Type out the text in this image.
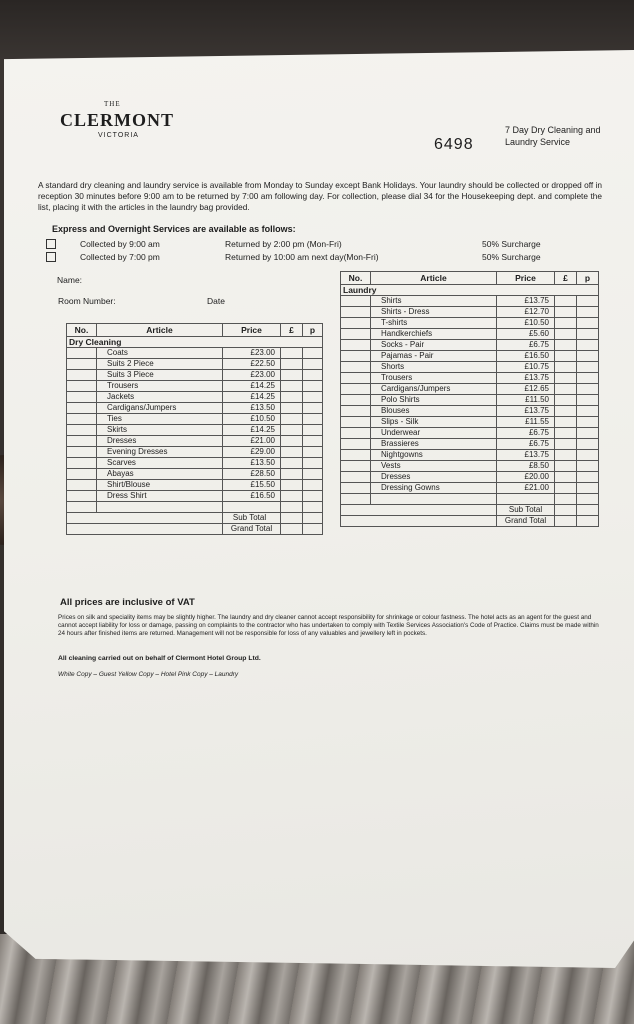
THE
CLERMONT
VICTORIA
6498
7 Day Dry Cleaning and Laundry Service
A standard dry cleaning and laundry service is available from Monday to Sunday except Bank Holidays. Your laundry should be collected or dropped off in reception 30 minutes before 9:00 am to be returned by 7:00 am following day. For collection, please dial 34 for the Housekeeping dept. and complete the list, placing it with the articles in the laundry bag provided.
Express and Overnight Services are available as follows:
Collected by 9:00 am	Returned by 2:00 pm (Mon-Fri)	50% Surcharge
Collected by 7:00 pm	Returned by 10:00 am next day(Mon-Fri)	50% Surcharge
Name:
Room Number:	Date
No.	Article	Price	£	p
Dry Cleaning				
	Coats	£23.00		
	Suits 2 Piece	£22.50		
	Suits 3 Piece	£23.00		
	Trousers	£14.25		
	Jackets	£14.25		
	Cardigans/Jumpers	£13.50		
	Ties	£10.50		
	Skirts	£14.25		
	Dresses	£21.00		
	Evening Dresses	£29.00		
	Scarves	£13.50		
	Abayas	£28.50		
	Shirt/Blouse	£15.50		
	Dress Shirt	£16.50		

		Sub Total		
		Grand Total		
No.	Article	Price	£	p
Laundry				
	Shirts	£13.75		
	Shirts - Dress	£12.70		
	T-shirts	£10.50		
	Handkerchiefs	£5.60		
	Socks - Pair	£6.75		
	Pajamas - Pair	£16.50		
	Shorts	£10.75		
	Trousers	£13.75		
	Cardigans/Jumpers	£12.65		
	Polo Shirts	£11.50		
	Blouses	£13.75		
	Slips - Silk	£11.55		
	Underwear	£6.75		
	Brassieres	£6.75		
	Nightgowns	£13.75		
	Vests	£8.50		
	Dresses	£20.00		
	Dressing Gowns	£21.00		

		Sub Total		
		Grand Total		
All prices are inclusive of VAT
Prices on silk and speciality items may be slightly higher. The laundry and dry cleaner cannot accept responsibility for shrinkage or colour fastness. The hotel acts as an agent for the guest and cannot accept liability for loss or damage, passing on complaints to the contractor who has undertaken to comply with Textile Services Association's Code of Practice. Claims must be made within 24 hours after finished items are returned. Management will not be responsible for loss of any valuables and jewellery left in pockets.
All cleaning carried out on behalf of Clermont Hotel Group Ltd.
White Copy – Guest Yellow Copy – Hotel Pink Copy – Laundry
